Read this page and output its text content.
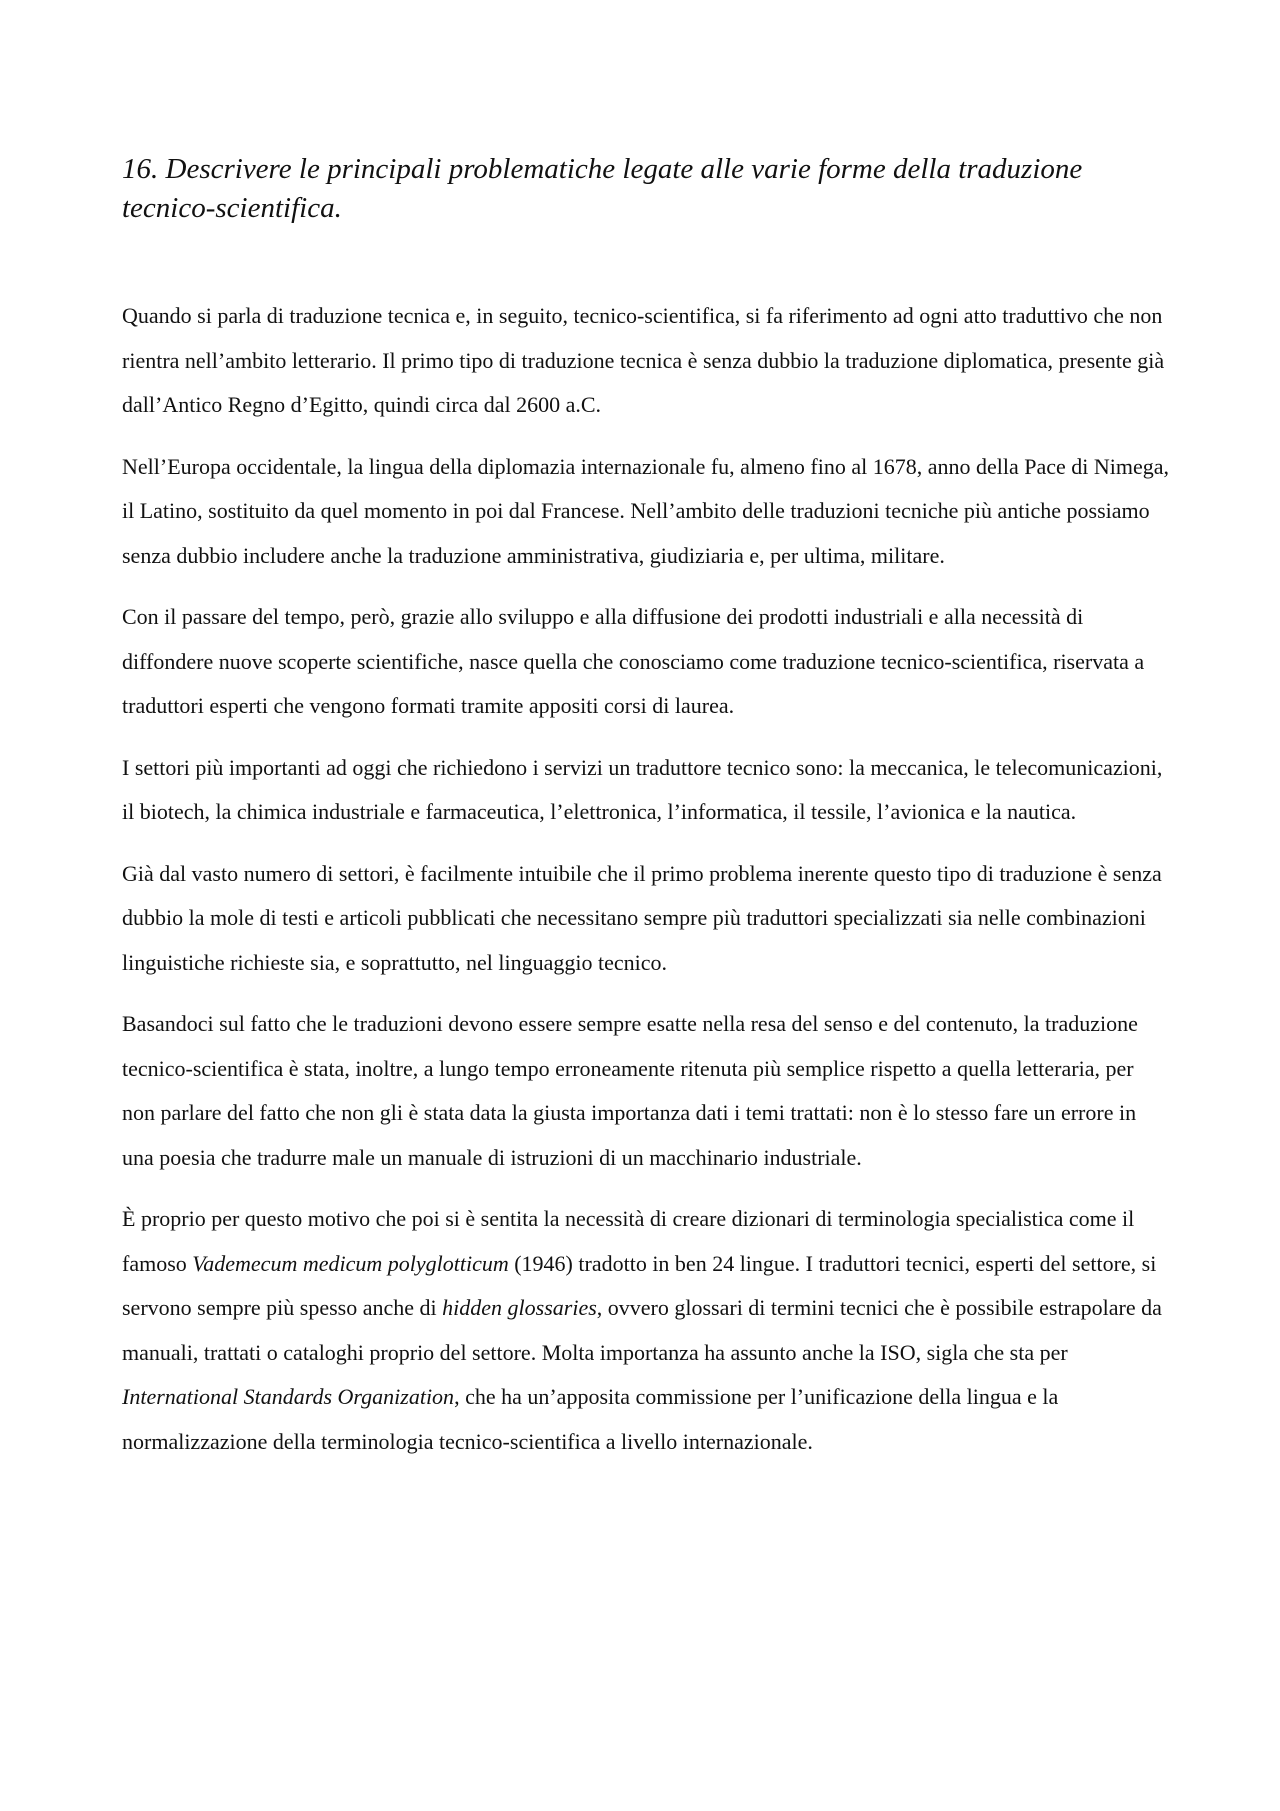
16. Descrivere le principali problematiche legate alle varie forme della traduzione tecnico-scientifica.

Quando si parla di traduzione tecnica e, in seguito, tecnico-scientifica, si fa riferimento ad ogni atto traduttivo che non rientra nell’ambito letterario. Il primo tipo di traduzione tecnica è senza dubbio la traduzione diplomatica, presente già dall’Antico Regno d’Egitto, quindi circa dal 2600 a.C.

Nell’Europa occidentale, la lingua della diplomazia internazionale fu, almeno fino al 1678, anno della Pace di Nimega, il Latino, sostituito da quel momento in poi dal Francese. Nell’ambito delle traduzioni tecniche più antiche possiamo senza dubbio includere anche la traduzione amministrativa, giudiziaria e, per ultima, militare.

Con il passare del tempo, però, grazie allo sviluppo e alla diffusione dei prodotti industriali e alla necessità di diffondere nuove scoperte scientifiche, nasce quella che conosciamo come traduzione tecnico-scientifica, riservata a traduttori esperti che vengono formati tramite appositi corsi di laurea.

I settori più importanti ad oggi che richiedono i servizi un traduttore tecnico sono: la meccanica, le telecomunicazioni, il biotech, la chimica industriale e farmaceutica, l’elettronica, l’informatica, il tessile, l’avionica e la nautica.

Già dal vasto numero di settori, è facilmente intuibile che il primo problema inerente questo tipo di traduzione è senza dubbio la mole di testi e articoli pubblicati che necessitano sempre più traduttori specializzati sia nelle combinazioni linguistiche richieste sia, e soprattutto, nel linguaggio tecnico.

Basandoci sul fatto che le traduzioni devono essere sempre esatte nella resa del senso e del contenuto, la traduzione tecnico-scientifica è stata, inoltre, a lungo tempo erroneamente ritenuta più semplice rispetto a quella letteraria, per non parlare del fatto che non gli è stata data la giusta importanza dati i temi trattati: non è lo stesso fare un errore in una poesia che tradurre male un manuale di istruzioni di un macchinario industriale.

È proprio per questo motivo che poi si è sentita la necessità di creare dizionari di terminologia specialistica come il famoso Vademecum medicum polyglotticum (1946) tradotto in ben 24 lingue. I traduttori tecnici, esperti del settore, si servono sempre più spesso anche di hidden glossaries, ovvero glossari di termini tecnici che è possibile estrapolare da manuali, trattati o cataloghi proprio del settore. Molta importanza ha assunto anche la ISO, sigla che sta per International Standards Organization, che ha un’apposita commissione per l’unificazione della lingua e la normalizzazione della terminologia tecnico-scientifica a livello internazionale.
